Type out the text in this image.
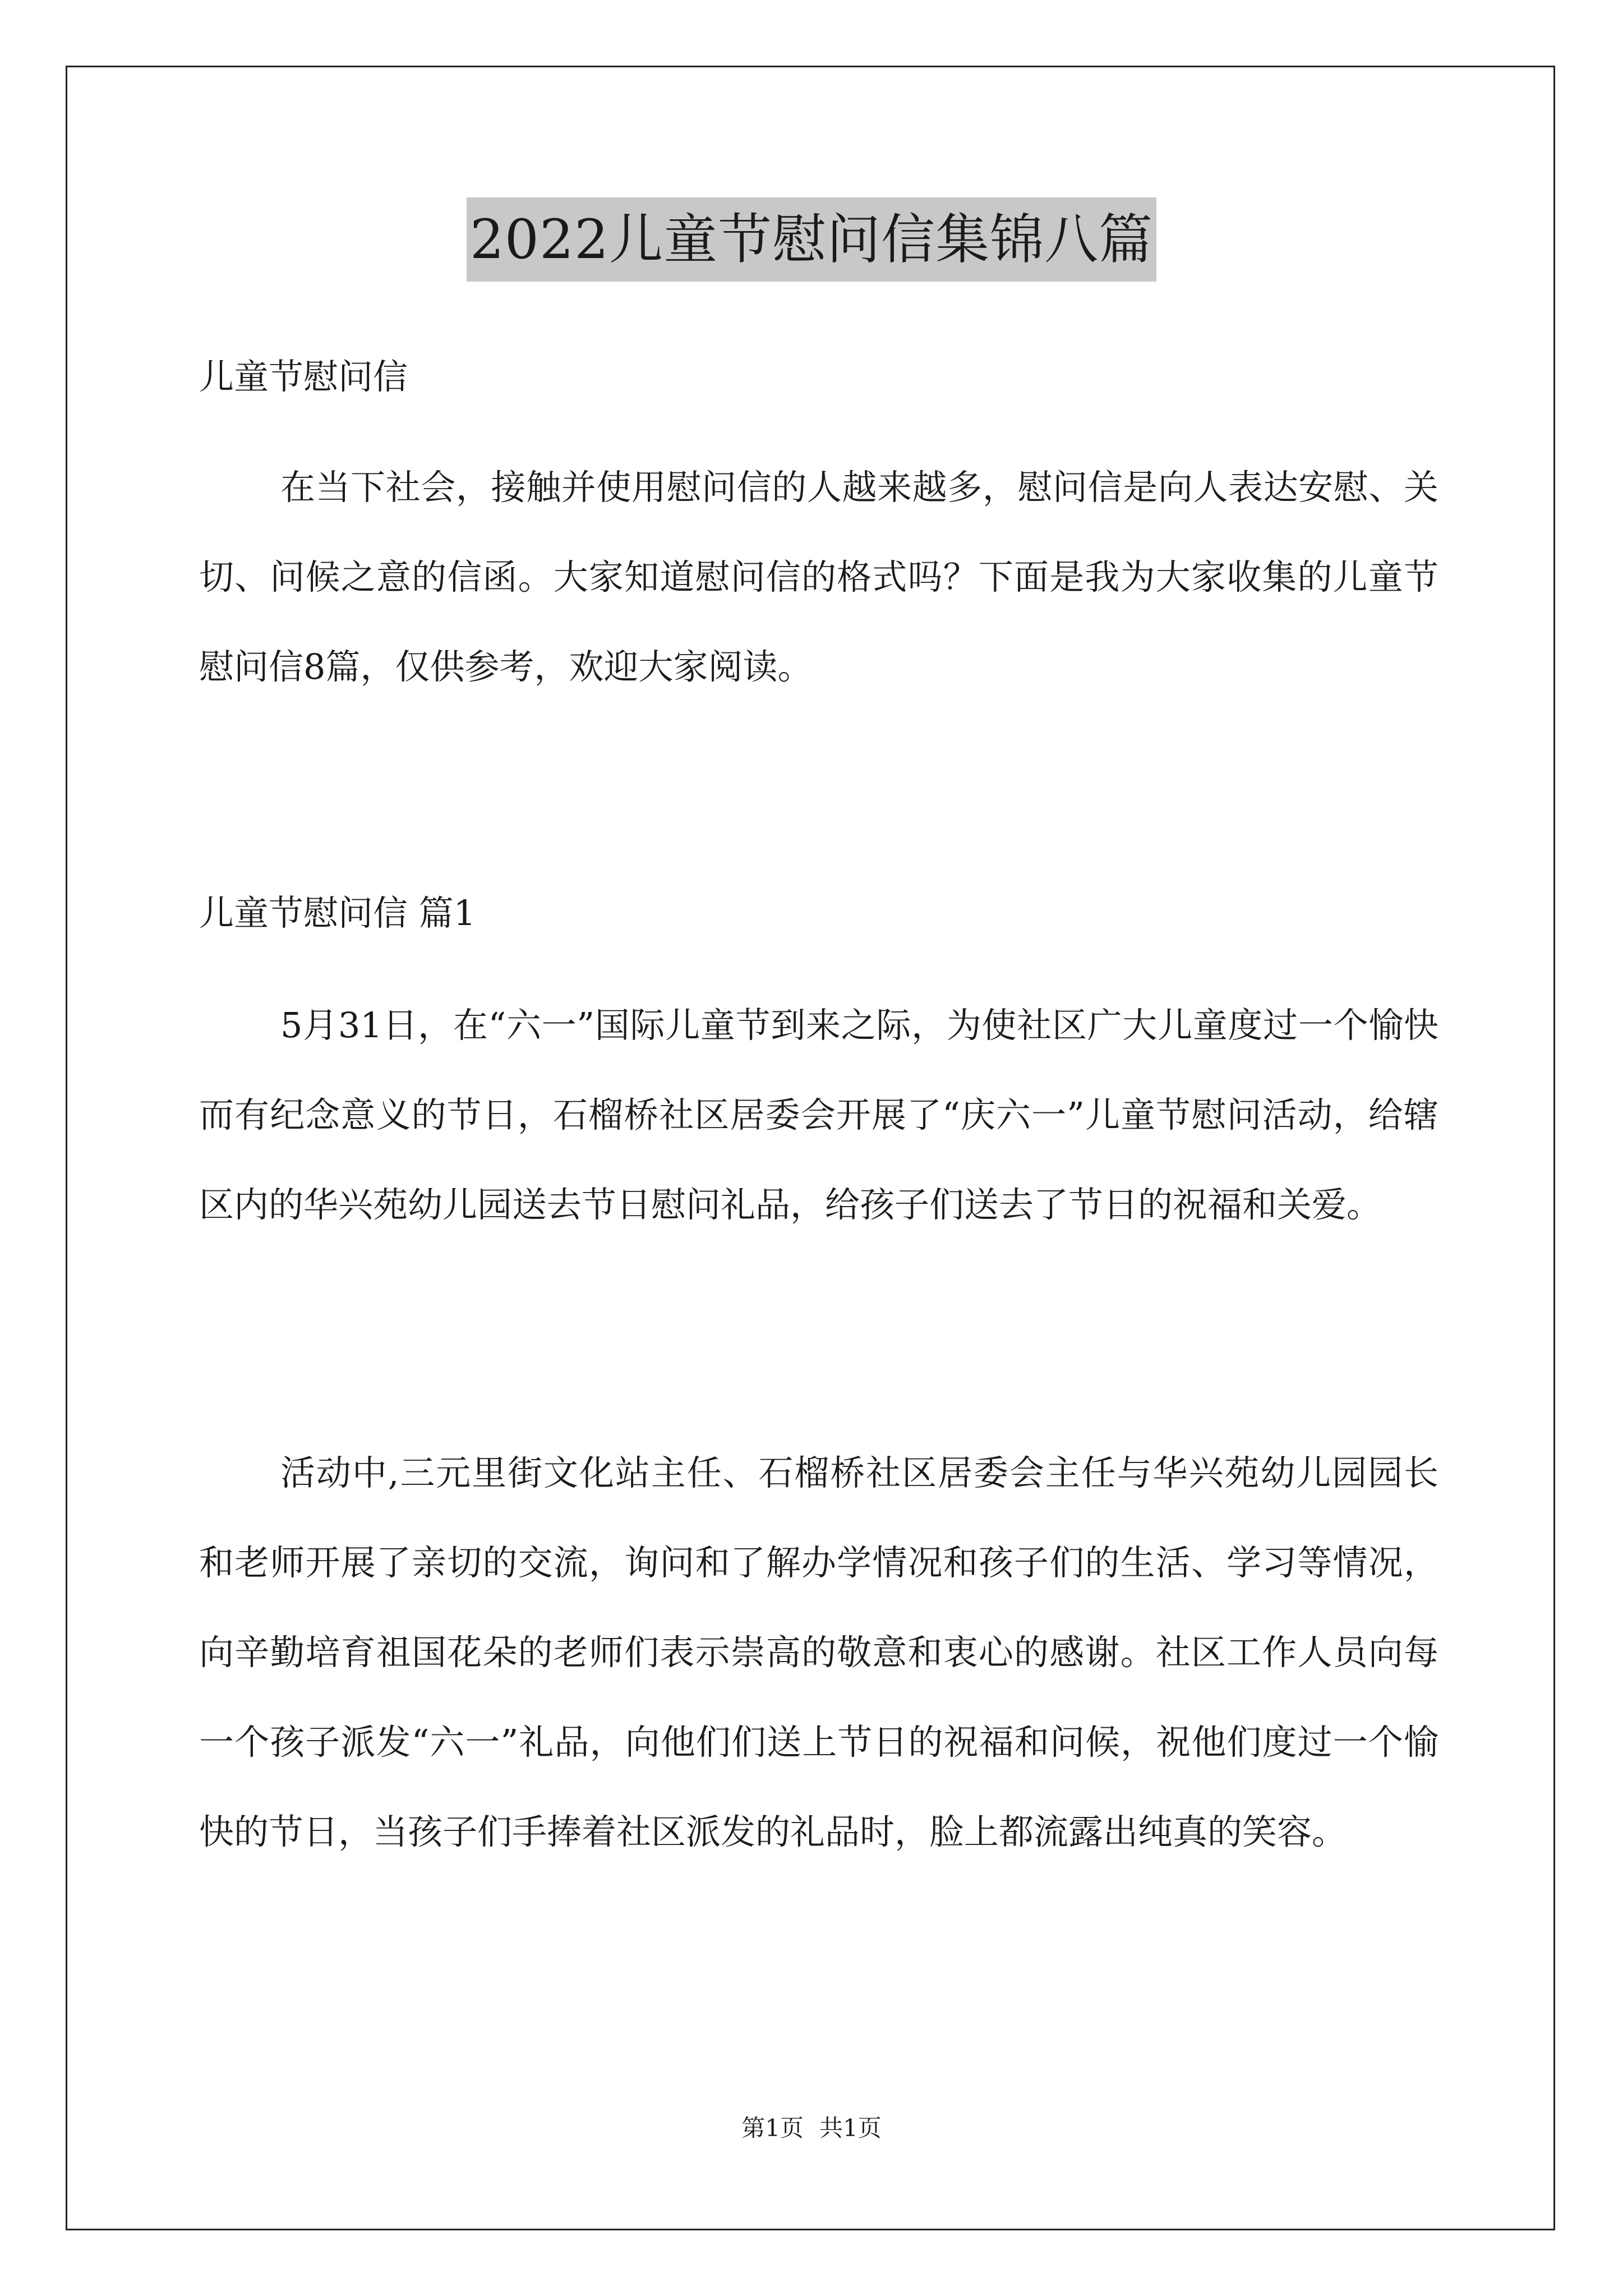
2022儿童节慰问信集锦八篇

儿童节慰问信

在当下社会，接触并使用慰问信的人越来越多，慰问信是向人表达安慰、关切、问候之意的信函。大家知道慰问信的格式吗？下面是我为大家收集的儿童节慰问信8篇，仅供参考，欢迎大家阅读。

儿童节慰问信 篇1

5月31日，在“六一”国际儿童节到来之际，为使社区广大儿童度过一个愉快而有纪念意义的节日，石榴桥社区居委会开展了“庆六一”儿童节慰问活动，给辖区内的华兴苑幼儿园送去节日慰问礼品，给孩子们送去了节日的祝福和关爱。

活动中,三元里街文化站主任、石榴桥社区居委会主任与华兴苑幼儿园园长和老师开展了亲切的交流，询问和了解办学情况和孩子们的生活、学习等情况，向辛勤培育祖国花朵的老师们表示崇高的敬意和衷心的感谢。社区工作人员向每一个孩子派发“六一”礼品，向他们们送上节日的祝福和问候，祝他们度过一个愉快的节日，当孩子们手捧着社区派发的礼品时，脸上都流露出纯真的笑容。

第1页 共1页
